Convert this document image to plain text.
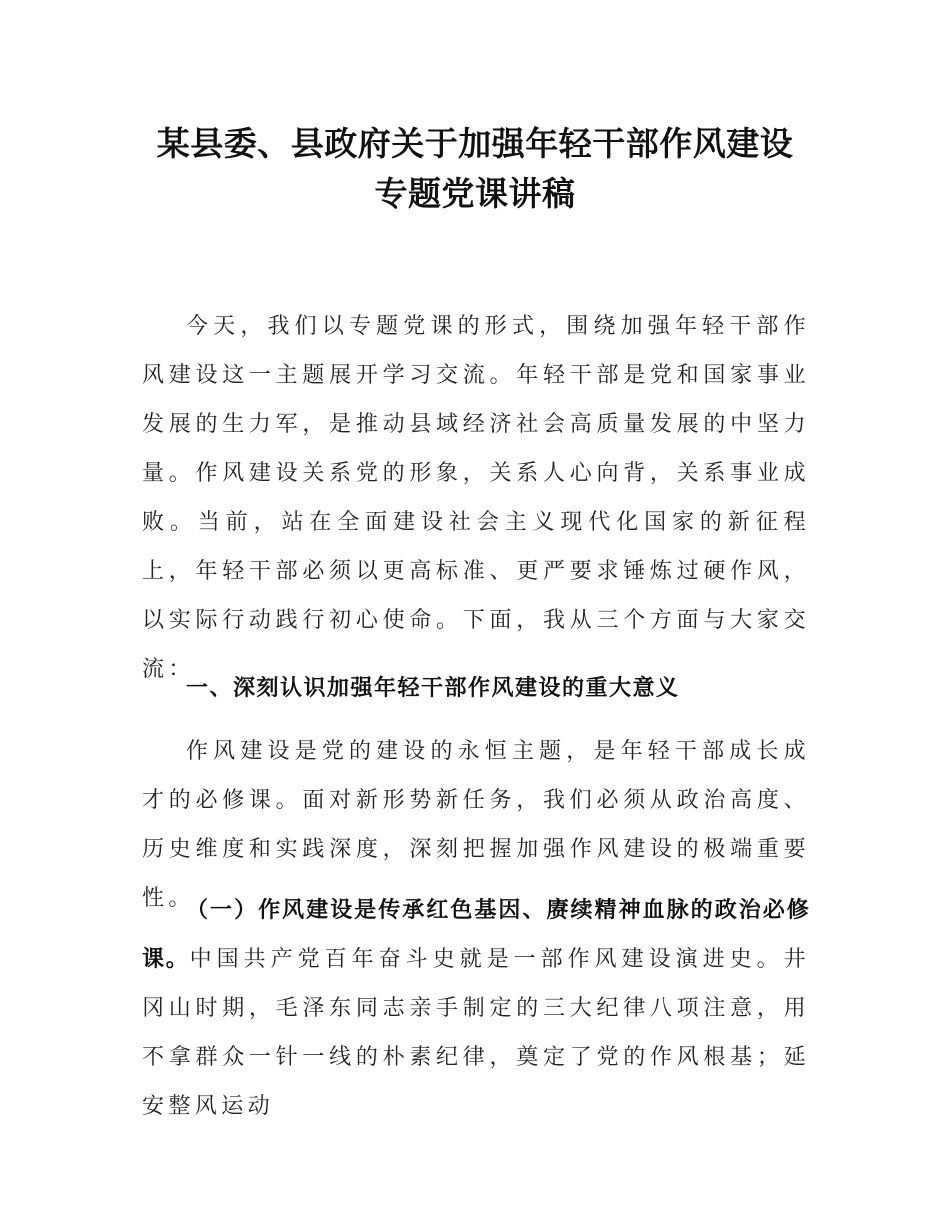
某县委、县政府关于加强年轻干部作风建设
专题党课讲稿

今天，我们以专题党课的形式，围绕加强年轻干部作风建设这一主题展开学习交流。年轻干部是党和国家事业发展的生力军，是推动县域经济社会高质量发展的中坚力量。作风建设关系党的形象，关系人心向背，关系事业成败。当前，站在全面建设社会主义现代化国家的新征程上，年轻干部必须以更高标准、更严要求锤炼过硬作风，以实际行动践行初心使命。下面，我从三个方面与大家交流：

一、深刻认识加强年轻干部作风建设的重大意义

作风建设是党的建设的永恒主题，是年轻干部成长成才的必修课。面对新形势新任务，我们必须从政治高度、历史维度和实践深度，深刻把握加强作风建设的极端重要性。

（一）作风建设是传承红色基因、赓续精神血脉的政治必修课。中国共产党百年奋斗史就是一部作风建设演进史。井冈山时期，毛泽东同志亲手制定的三大纪律八项注意，用不拿群众一针一线的朴素纪律，奠定了党的作风根基；延安整风运动
